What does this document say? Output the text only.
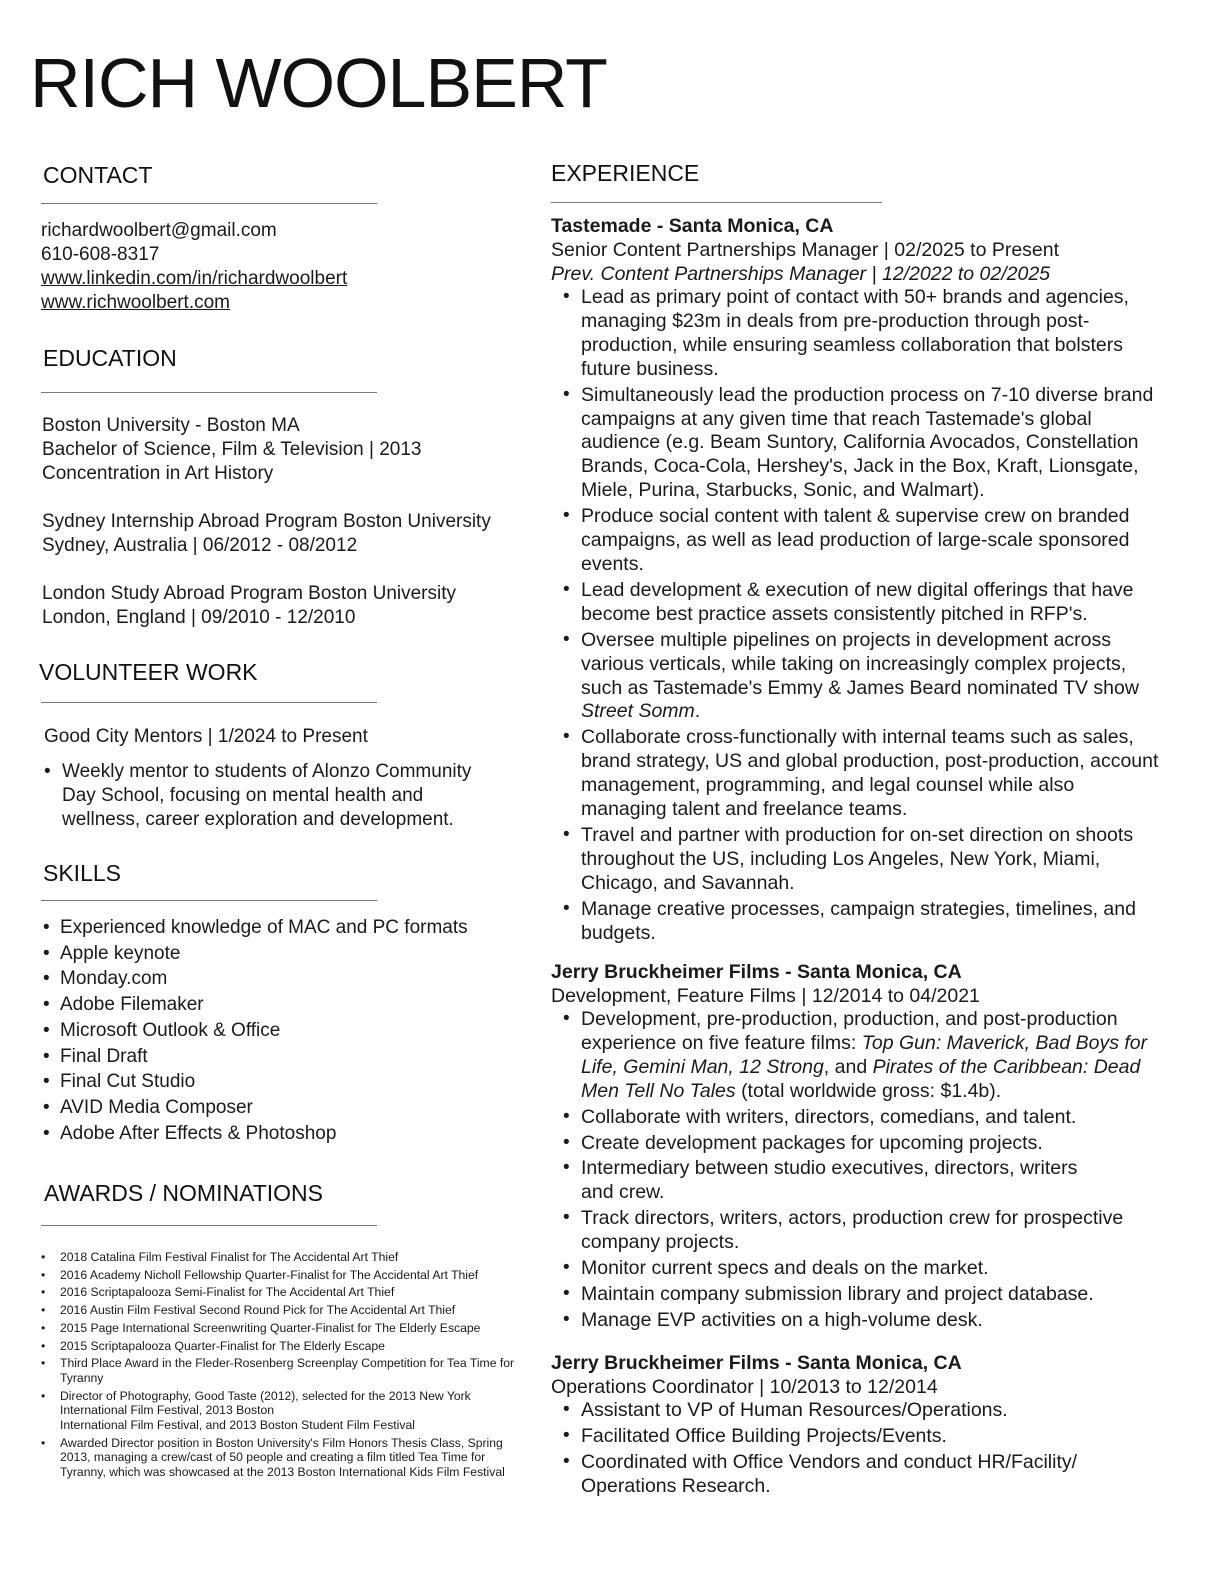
RICH WOOLBERT
CONTACT

richardwoolbert@gmail.com

610-608-8317

www.linkedin.com/in/richardwoolbert

www.richwoolbert.com

EDUCATION

Boston University - Boston MA

Bachelor of Science, Film & Television | 2013

Concentration in Art History

Sydney Internship Abroad Program Boston University

Sydney, Australia | 06/2012 - 08/2012

London Study Abroad Program Boston University

London, England | 09/2010 - 12/2010

VOLUNTEER WORK

Good City Mentors | 1/2024 to Present

• Weekly mentor to students of Alonzo Community Day School, focusing on mental health and wellness, career exploration and development.
SKILLS
• Experienced knowledge of MAC and PC formats
• Apple keynote
• Monday.com
• Adobe Filemaker
• Microsoft Outlook & Office
• Final Draft
• Final Cut Studio
• AVID Media Composer
• Adobe After Effects & Photoshop
AWARDS / NOMINATIONS
• 2018 Catalina Film Festival Finalist for The Accidental Art Thief
• 2016 Academy Nicholl Fellowship Quarter-Finalist for The Accidental Art Thief
• 2016 Scriptapalooza Semi-Finalist for The Accidental Art Thief
• 2016 Austin Film Festival Second Round Pick for The Accidental Art Thief
• 2015 Page International Screenwriting Quarter-Finalist for The Elderly Escape
• 2015 Scriptapalooza Quarter-Finalist for The Elderly Escape
• Third Place Award in the Fleder-Rosenberg Screenplay Competition for Tea Time for Tyranny
• Director of Photography, Good Taste (2012), selected for the 2013 New York International Film Festival, 2013 Boston
International Film Festival, and 2013 Boston Student Film Festival
• Awarded Director position in Boston University's Film Honors Thesis Class, Spring 2013, managing a crew/cast of 50 people and creating a film titled Tea Time for Tyranny, which was showcased at the 2013 Boston International Kids Film Festival
EXPERIENCE

Tastemade - Santa Monica, CA

Senior Content Partnerships Manager | 02/2025 to Present

Prev. Content Partnerships Manager | 12/2022 to 02/2025

• Lead as primary point of contact with 50+ brands and agencies, managing $23m in deals from pre-production through post-production, while ensuring seamless collaboration that bolsters future business.
• Simultaneously lead the production process on 7-10 diverse brand campaigns at any given time that reach Tastemade's global audience (e.g. Beam Suntory, California Avocados, Constellation Brands, Coca-Cola, Hershey's, Jack in the Box, Kraft, Lionsgate, Miele, Purina, Starbucks, Sonic, and Walmart).
• Produce social content with talent & supervise crew on branded campaigns, as well as lead production of large-scale sponsored events.
• Lead development & execution of new digital offerings that have become best practice assets consistently pitched in RFP's.
• Oversee multiple pipelines on projects in development across various verticals, while taking on increasingly complex projects, such as Tastemade's Emmy & James Beard nominated TV show Street Somm.
• Collaborate cross-functionally with internal teams such as sales, brand strategy, US and global production, post-production, account management, programming, and legal counsel while also managing talent and freelance teams.
• Travel and partner with production for on-set direction on shoots throughout the US, including Los Angeles, New York, Miami, Chicago, and Savannah.
• Manage creative processes, campaign strategies, timelines, and budgets.

Jerry Bruckheimer Films - Santa Monica, CA

Development, Feature Films | 12/2014 to 04/2021

• Development, pre-production, production, and post-production experience on five feature films: Top Gun: Maverick, Bad Boys for Life, Gemini Man, 12 Strong, and Pirates of the Caribbean: Dead Men Tell No Tales (total worldwide gross: $1.4b).
• Collaborate with writers, directors, comedians, and talent.
• Create development packages for upcoming projects.
• Intermediary between studio executives, directors, writers
and crew.
• Track directors, writers, actors, production crew for prospective company projects.
• Monitor current specs and deals on the market.
• Maintain company submission library and project database.
• Manage EVP activities on a high-volume desk.

Jerry Bruckheimer Films - Santa Monica, CA

Operations Coordinator | 10/2013 to 12/2014

• Assistant to VP of Human Resources/Operations.
• Facilitated Office Building Projects/Events.
• Coordinated with Office Vendors and conduct HR/Facility/ Operations Research.
